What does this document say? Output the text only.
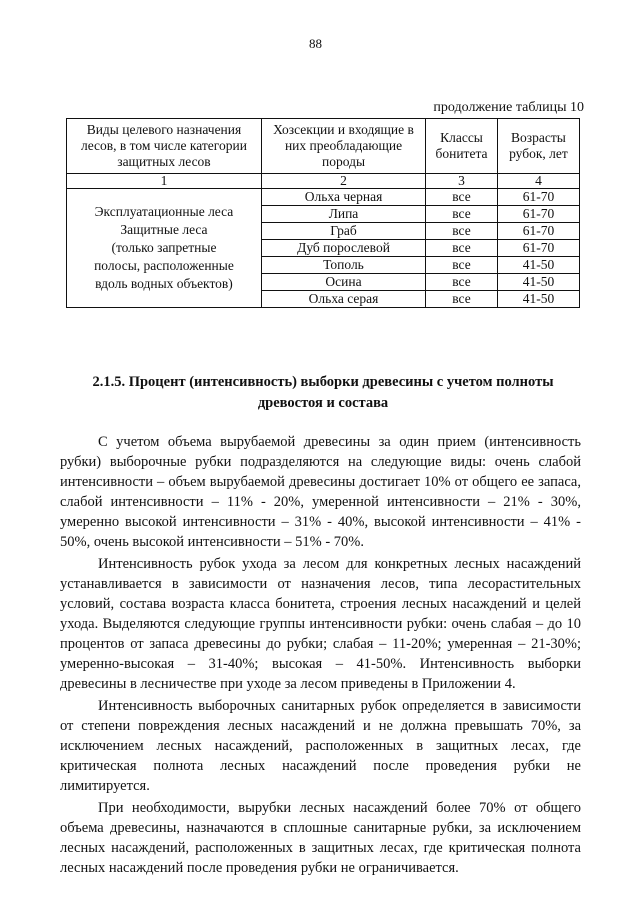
88
продолжение таблицы 10
Виды целевого назначения лесов, в том числе категории защитных лесов	Хозсекции и входящие в них преобладающие породы	Классы бонитета	Возрасты рубок, лет
1	2	3	4

Эксплуатационные леса
Защитные леса
(только запретные
полосы, расположенные
вдоль водных объектов)	Ольха черная	все	61-70
	Липа	все	61-70
	Граб	все	61-70
	Дуб порослевой	все	61-70
	Тополь	все	41-50
	Осина	все	41-50
	Ольха серая	все	41-50
2.1.5. Процент (интенсивность) выборки древесины с учетом полноты древостоя и состава

С учетом объема вырубаемой древесины за один прием (интенсивность рубки) выборочные рубки подразделяются на следующие виды: очень слабой интенсивности – объем вырубаемой древесины достигает 10% от общего ее запаса, слабой интенсивности – 11% - 20%, умеренной интенсивности – 21% - 30%, умеренно высокой интенсивности – 31% - 40%, высокой интенсивности – 41% - 50%, очень высокой интенсивности – 51% - 70%.

Интенсивность рубок ухода за лесом для конкретных лесных насаждений устанавливается в зависимости от назначения лесов, типа лесорастительных условий, состава возраста класса бонитета, строения лесных насаждений и целей ухода. Выделяются следующие группы интенсивности рубки: очень слабая – до 10 процентов от запаса древесины до рубки; слабая – 11-20%; умеренная – 21-30%; умеренно-высокая – 31-40%; высокая – 41-50%. Интенсивность выборки древесины в лесничестве при уходе за лесом приведены в Приложении 4.

Интенсивность выборочных санитарных рубок определяется в зависимости от степени повреждения лесных насаждений и не должна превышать 70%, за исключением лесных насаждений, расположенных в защитных лесах, где критическая полнота лесных насаждений после проведения рубки не лимитируется.

При необходимости, вырубки лесных насаждений более 70% от общего объема древесины, назначаются в сплошные санитарные рубки, за исключением лесных насаждений, расположенных в защитных лесах, где критическая полнота лесных насаждений после проведения рубки не ограничивается.
